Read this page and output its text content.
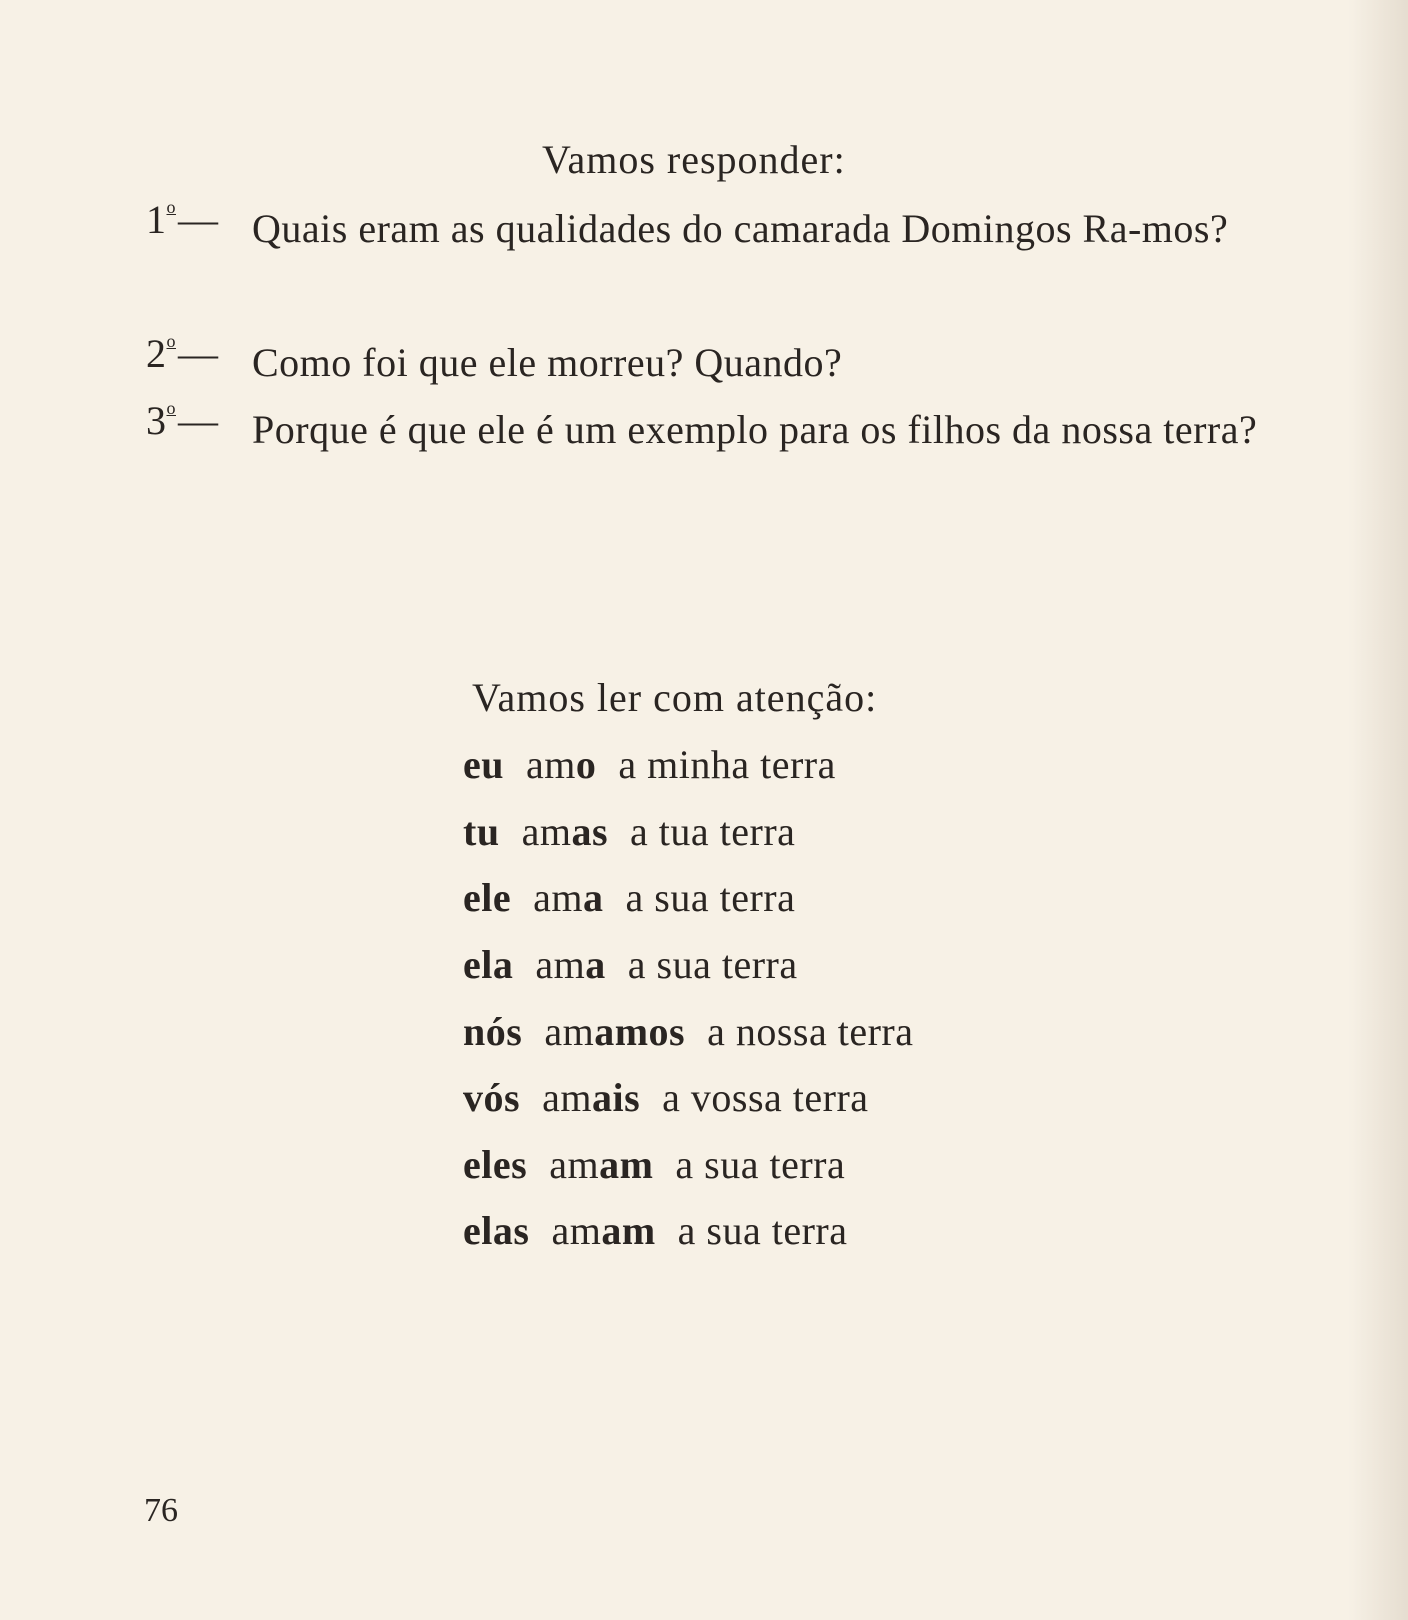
Vamos responder:
1$^o$ — Quais eram as qualidades do camarada Domingos Ra-mos?
2$^o$ — Como foi que ele morreu? Quando?
3$^o$ — Porque é que ele é um exemplo para os filhos da nossa terra?
Vamos ler com atenção:
eu amo a minha terra
tu amas a tua terra
ele ama a sua terra
ela ama a sua terra
nós amamos a nossa terra
vós amais a vossa terra
eles amam a sua terra
elas amam a sua terra
76
